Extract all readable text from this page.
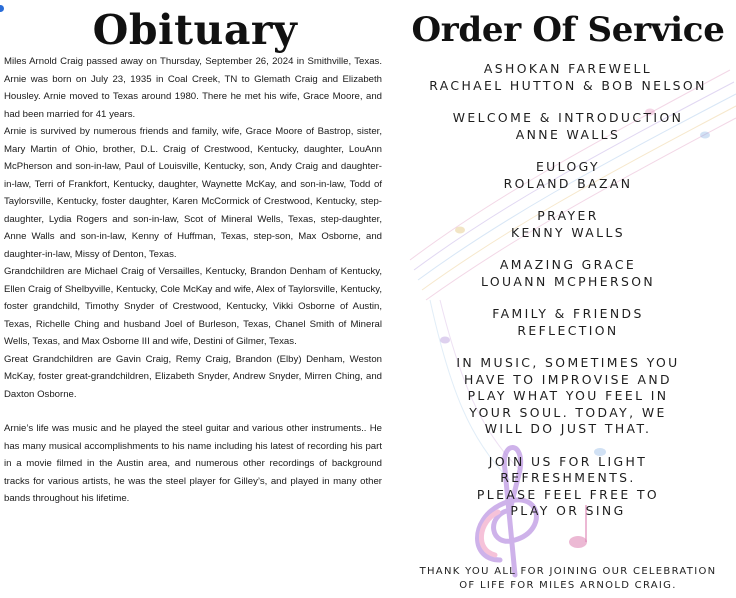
Obituary

Miles Arnold Craig passed away on Thursday, September 26, 2024 in Smithville, Texas. Arnie was born on July 23, 1935 in Coal Creek, TN to Glemath Craig and Elizabeth Housley. Arnie moved to Texas around 1980. There he met his wife, Grace Moore, and had been married for 41 years.

Arnie is survived by numerous friends and family, wife, Grace Moore of Bastrop, sister, Mary Martin of Ohio, brother, D.L. Craig of Crestwood, Kentucky, daughter, LouAnn McPherson and son-in-law, Paul of Louisville, Kentucky, son, Andy Craig and daughter-in-law, Terri of Frankfort, Kentucky, daughter, Waynette McKay, and son-in-law, Todd of Taylorsville, Kentucky, foster daughter, Karen McCormick of Crestwood, Kentucky, step-daughter, Lydia Rogers and son-in-law, Scot of Mineral Wells, Texas, step-daughter, Anne Walls and son-in-law, Kenny of Huffman, Texas, step-son, Max Osborne, and daughter-in-law, Missy of Denton, Texas.

Grandchildren are Michael Craig of Versailles, Kentucky, Brandon Denham of Kentucky, Ellen Craig of Shelbyville, Kentucky, Cole McKay and wife, Alex of Taylorsville, Kentucky, foster grandchild, Timothy Snyder of Crestwood, Kentucky, Vikki Osborne of Austin, Texas, Richelle Ching and husband Joel of Burleson, Texas, Chanel Smith of Mineral Wells, Texas, and Max Osborne III and wife, Destini of Gilmer, Texas.

Great Grandchildren are Gavin Craig, Remy Craig, Brandon (Elby) Denham, Weston McKay, foster great-grandchildren, Elizabeth Snyder, Andrew Snyder, Mirren Ching, and Daxton Osborne.

Arnie’s life was music and he played the steel guitar and various other instruments.. He has many musical accomplishments to his name including his latest of recording his part in a movie filmed in the Austin area, and numerous other recordings of background tracks for various artists, he was the steel player for Gilley’s, and played in many other bands throughout his lifetime.

Order Of Service
ASHOKAN FAREWELL
RACHAEL HUTTON & BOB NELSON
WELCOME & INTRODUCTION
ANNE WALLS
EULOGY
ROLAND BAZAN
PRAYER
KENNY WALLS
AMAZING GRACE
LOUANN MCPHERSON
FAMILY & FRIENDS
REFLECTION
IN MUSIC, SOMETIMES YOU
HAVE TO IMPROVISE AND
PLAY WHAT YOU FEEL IN
YOUR SOUL. TODAY, WE
WILL DO JUST THAT.
JOIN US FOR LIGHT
REFRESHMENTS.
PLEASE FEEL FREE TO
PLAY OR SING
THANK YOU ALL FOR JOINING OUR CELEBRATION
OF LIFE FOR MILES ARNOLD CRAIG.
